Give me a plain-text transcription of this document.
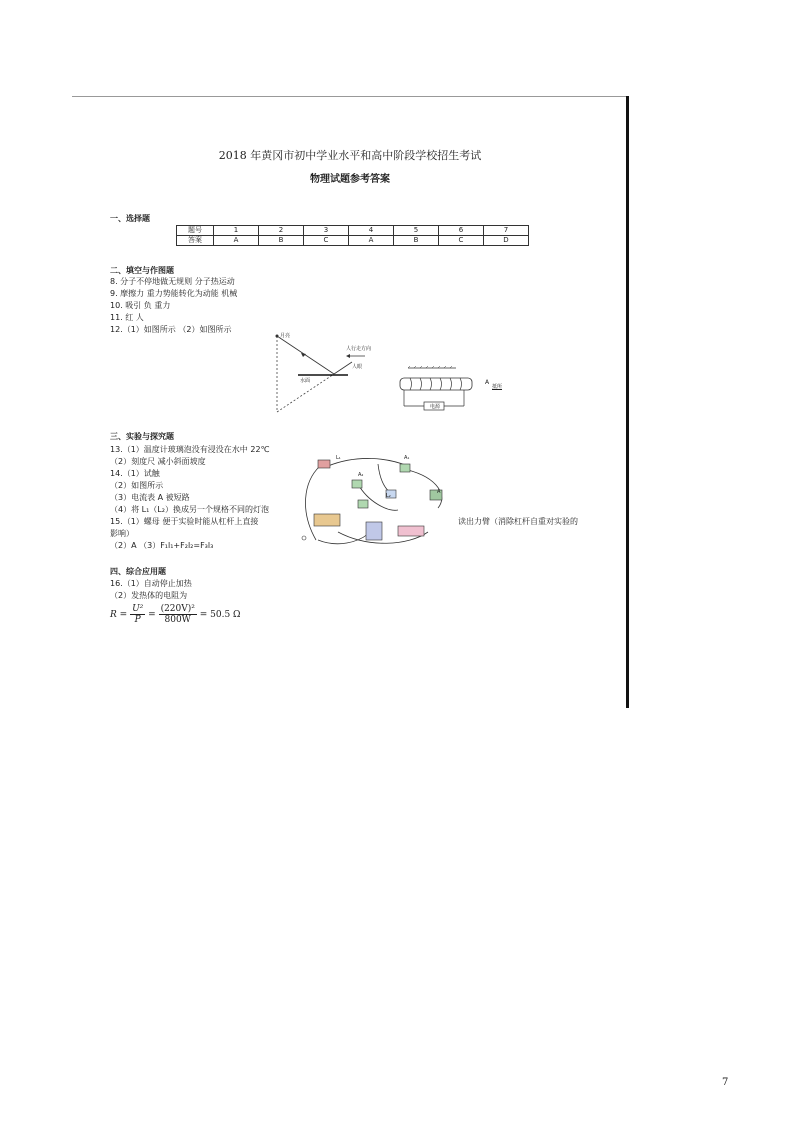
2018 年黄冈市初中学业水平和高中阶段学校招生考试
物理试题参考答案
一、选择题
题号	1	2	3	4	5	6	7
答案	A	B	C	A	B	C	D
二、填空与作图题
8. 分子不停地做无规则 分子热运动
9. 摩擦力 重力势能转化为动能 机械
10. 吸引 负 重力
11. 红 人
12.（1）如图所示 （2）如图所示
月亮
水面
人眼
人行走方向
电源
A
抵所
三、实验与探究题
13.（1）温度计玻璃泡没有浸没在水中 22℃
（2）刻度尺 减小斜面坡度
14.（1）试触
（2）如图所示
（3）电流表 A 被短路
（4）将 L₁（L₂）换成另一个规格不同的灯泡
15.（1）螺母 便于实验时能从杠杆上直接
影响）
（2）A （3）F₁l₁+F₂l₂=F₃l₃
读出力臂（消除杠杆自重对实验的
L₁	A₁
A₂
L₂
A
四、综合应用题
16.（1）自动停止加热
（2）发热体的电阻为
$R = \frac{\text{U²}}{P} = \frac{\text{(220V)²}}{800W} = 50.5$ Ω
7
